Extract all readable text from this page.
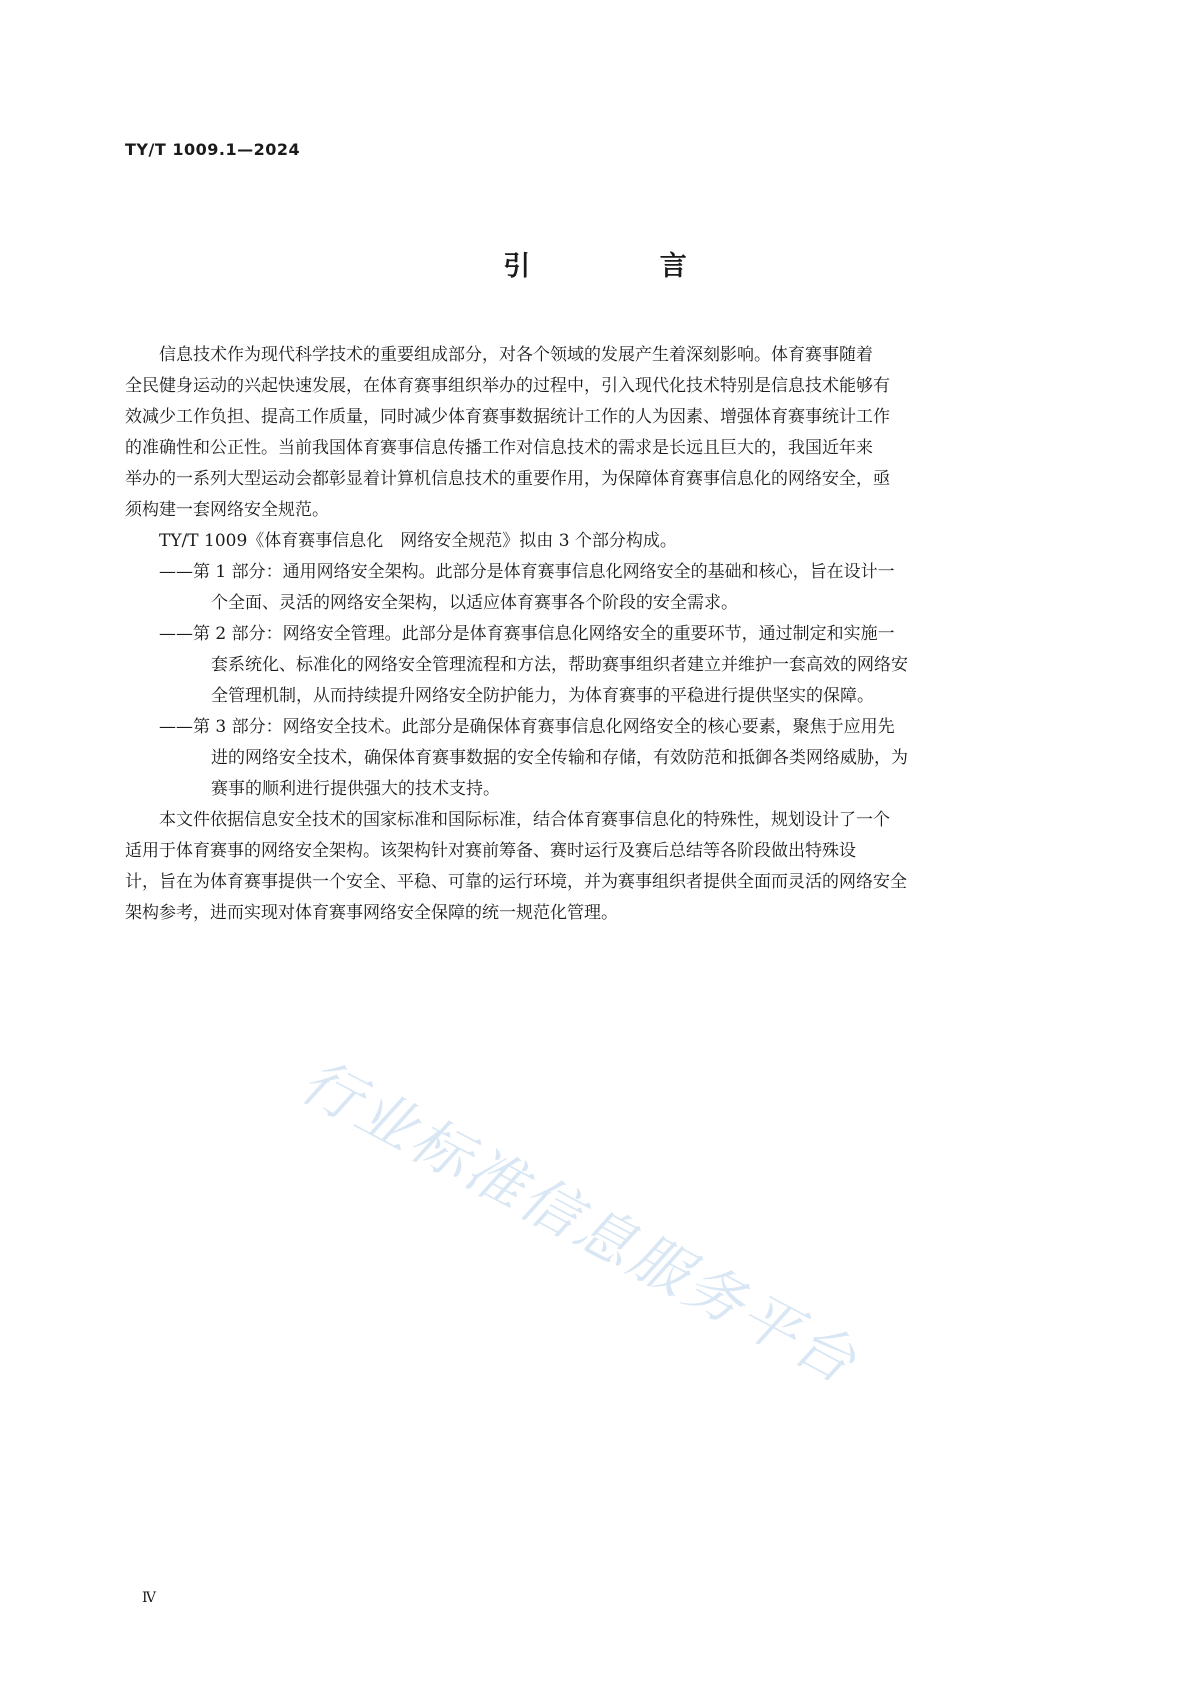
TY/T 1009.1—2024
引 言
信息技术作为现代科学技术的重要组成部分，对各个领域的发展产生着深刻影响。体育赛事随着
全民健身运动的兴起快速发展，在体育赛事组织举办的过程中，引入现代化技术特别是信息技术能够有
效减少工作负担、提高工作质量，同时减少体育赛事数据统计工作的人为因素、增强体育赛事统计工作
的准确性和公正性。当前我国体育赛事信息传播工作对信息技术的需求是长远且巨大的，我国近年来
举办的一系列大型运动会都彰显着计算机信息技术的重要作用，为保障体育赛事信息化的网络安全，亟
须构建一套网络安全规范。
TY/T 1009《体育赛事信息化　网络安全规范》拟由 3 个部分构成。
——第 1 部分：通用网络安全架构。此部分是体育赛事信息化网络安全的基础和核心，旨在设计一
个全面、灵活的网络安全架构，以适应体育赛事各个阶段的安全需求。
——第 2 部分：网络安全管理。此部分是体育赛事信息化网络安全的重要环节，通过制定和实施一
套系统化、标准化的网络安全管理流程和方法，帮助赛事组织者建立并维护一套高效的网络安
全管理机制，从而持续提升网络安全防护能力，为体育赛事的平稳进行提供坚实的保障。
——第 3 部分：网络安全技术。此部分是确保体育赛事信息化网络安全的核心要素，聚焦于应用先
进的网络安全技术，确保体育赛事数据的安全传输和存储，有效防范和抵御各类网络威胁，为
赛事的顺利进行提供强大的技术支持。
本文件依据信息安全技术的国家标准和国际标准，结合体育赛事信息化的特殊性，规划设计了一个
适用于体育赛事的网络安全架构。该架构针对赛前筹备、赛时运行及赛后总结等各阶段做出特殊设
计，旨在为体育赛事提供一个安全、平稳、可靠的运行环境，并为赛事组织者提供全面而灵活的网络安全
架构参考，进而实现对体育赛事网络安全保障的统一规范化管理。
行业标准信息服务平台
Ⅳ
